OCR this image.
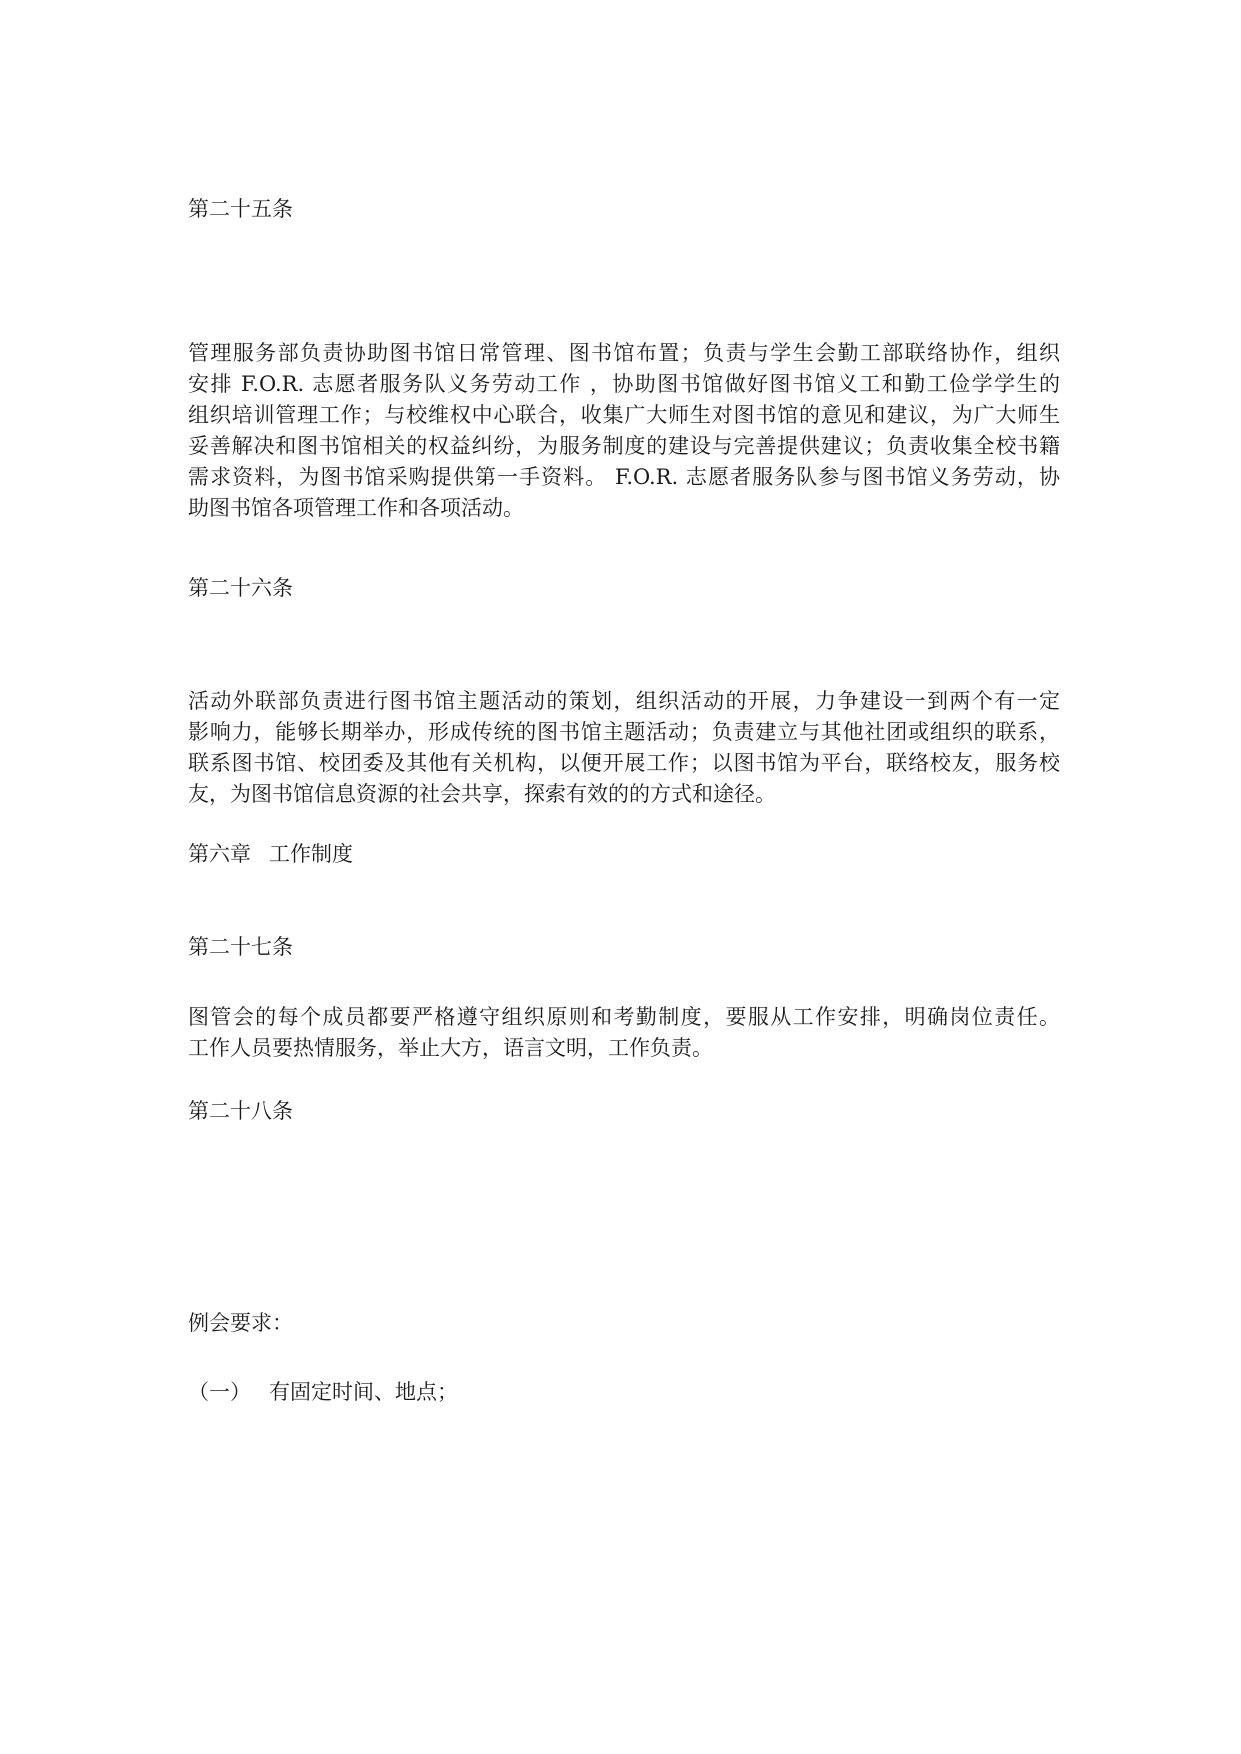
第二十五条

管理服务部负责协助图书馆日常管理、图书馆布置；负责与学生会勤工部联络协作，组织
安排 F.O.R. 志愿者服务队义务劳动工作 ，协助图书馆做好图书馆义工和勤工俭学学生的
组织培训管理工作；与校维权中心联合，收集广大师生对图书馆的意见和建议，为广大师生
妥善解决和图书馆相关的权益纠纷，为服务制度的建设与完善提供建议；负责收集全校书籍
需求资料，为图书馆采购提供第一手资料。 F.O.R. 志愿者服务队参与图书馆义务劳动，协
助图书馆各项管理工作和各项活动。

第二十六条

活动外联部负责进行图书馆主题活动的策划，组织活动的开展，力争建设一到两个有一定
影响力，能够长期举办，形成传统的图书馆主题活动；负责建立与其他社团或组织的联系，
联系图书馆、校团委及其他有关机构，以便开展工作；以图书馆为平台，联络校友，服务校
友，为图书馆信息资源的社会共享，探索有效的的方式和途径。

第六章 工作制度

第二十七条

图管会的每个成员都要严格遵守组织原则和考勤制度，要服从工作安排，明确岗位责任。
工作人员要热情服务，举止大方，语言文明，工作负责。

第二十八条

例会要求：

（一） 有固定时间、地点；
